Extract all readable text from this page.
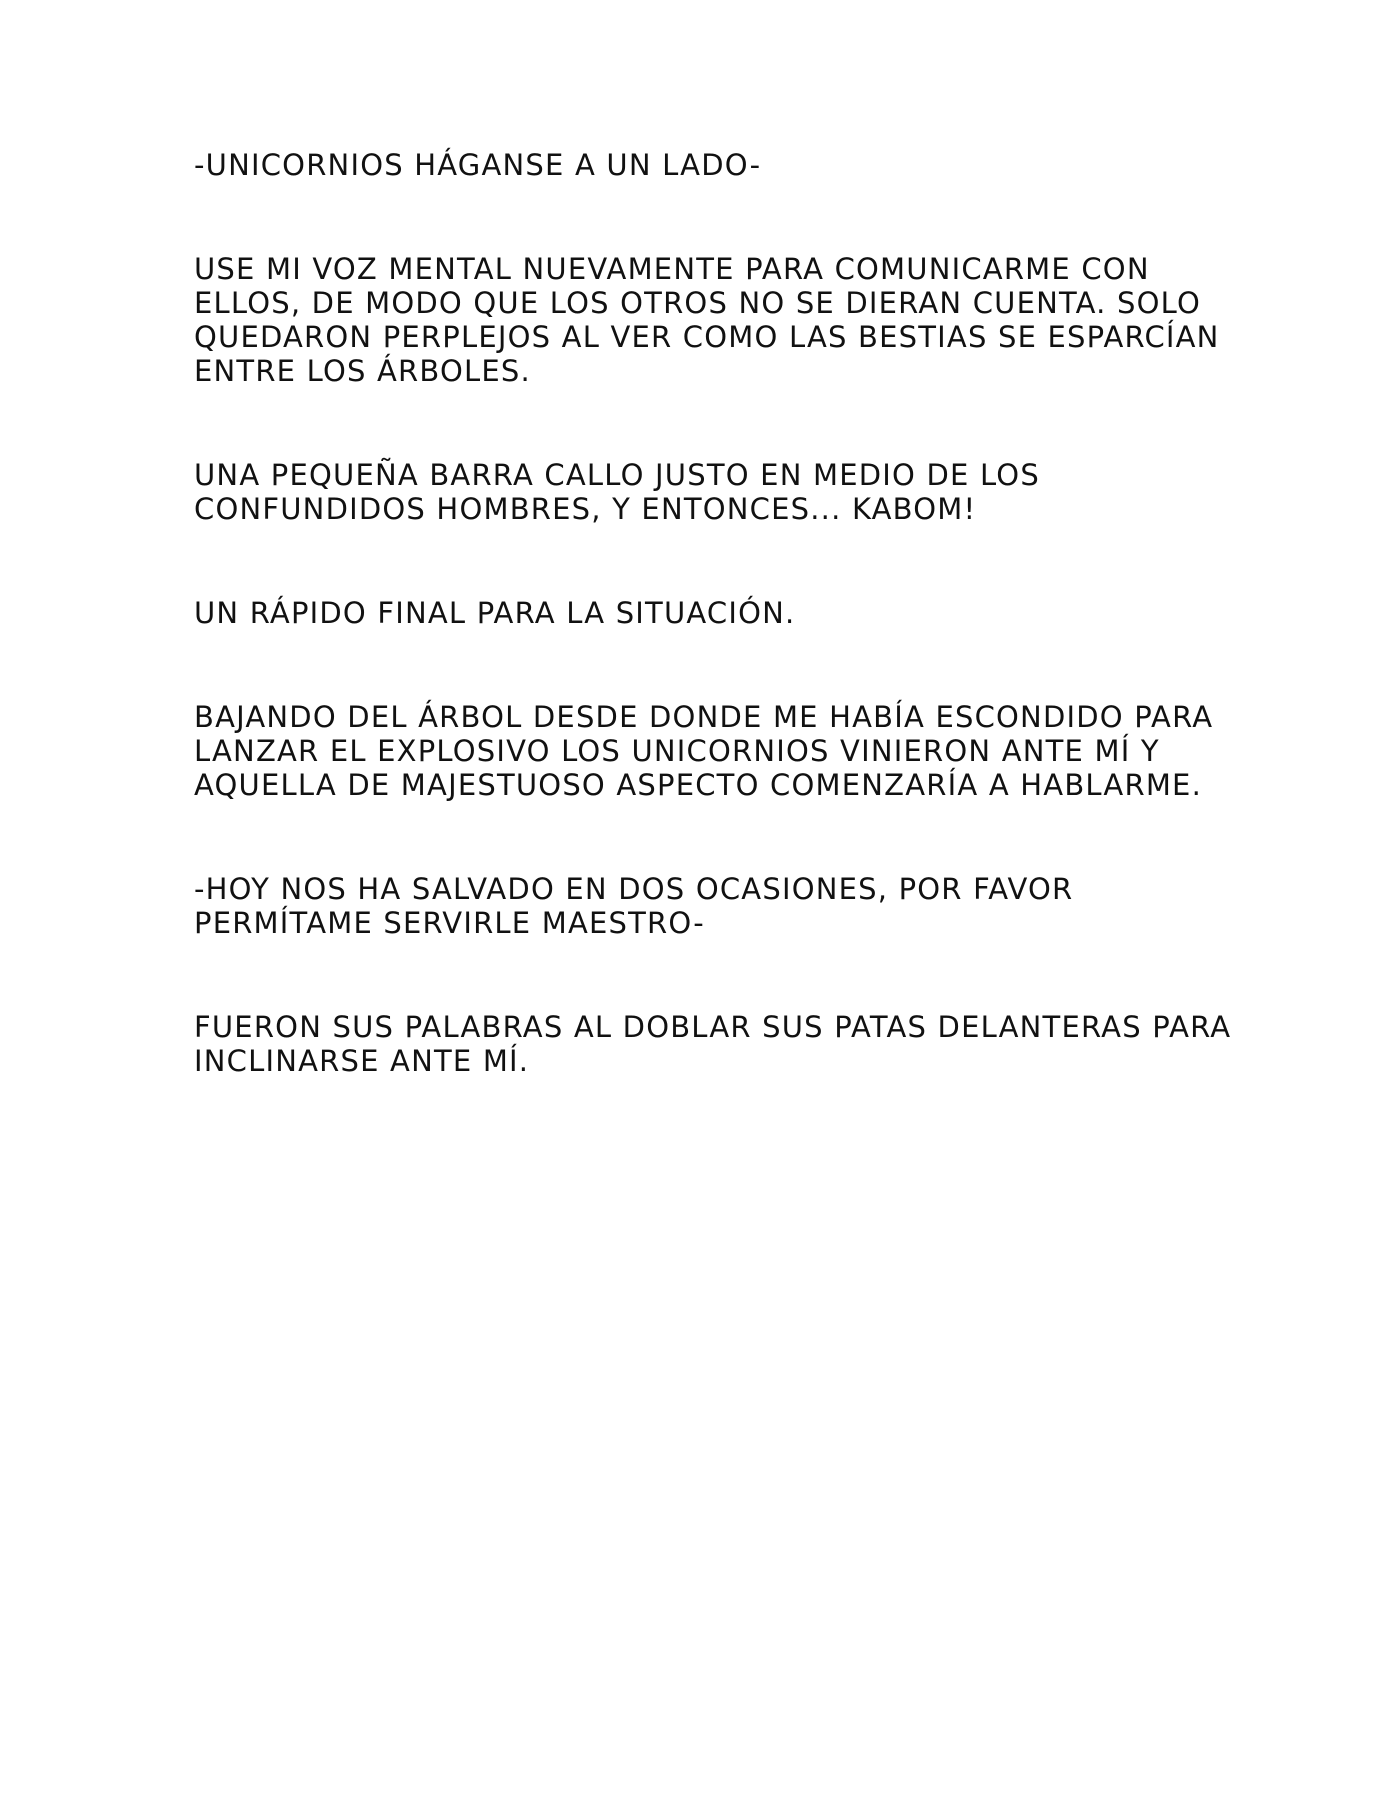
-UNICORNIOS HÁGANSE A UN LADO-

USE MI VOZ MENTAL NUEVAMENTE PARA COMUNICARME CON
ELLOS, DE MODO QUE LOS OTROS NO SE DIERAN CUENTA. SOLO
QUEDARON PERPLEJOS AL VER COMO LAS BESTIAS SE ESPARCÍAN
ENTRE LOS ÁRBOLES.

UNA PEQUEÑA BARRA CALLO JUSTO EN MEDIO DE LOS
CONFUNDIDOS HOMBRES, Y ENTONCES... KABOM!

UN RÁPIDO FINAL PARA LA SITUACIÓN.

BAJANDO DEL ÁRBOL DESDE DONDE ME HABÍA ESCONDIDO PARA
LANZAR EL EXPLOSIVO LOS UNICORNIOS VINIERON ANTE MÍ Y
AQUELLA DE MAJESTUOSO ASPECTO COMENZARÍA A HABLARME.

-HOY NOS HA SALVADO EN DOS OCASIONES, POR FAVOR
PERMÍTAME SERVIRLE MAESTRO-

FUERON SUS PALABRAS AL DOBLAR SUS PATAS DELANTERAS PARA
INCLINARSE ANTE MÍ.
